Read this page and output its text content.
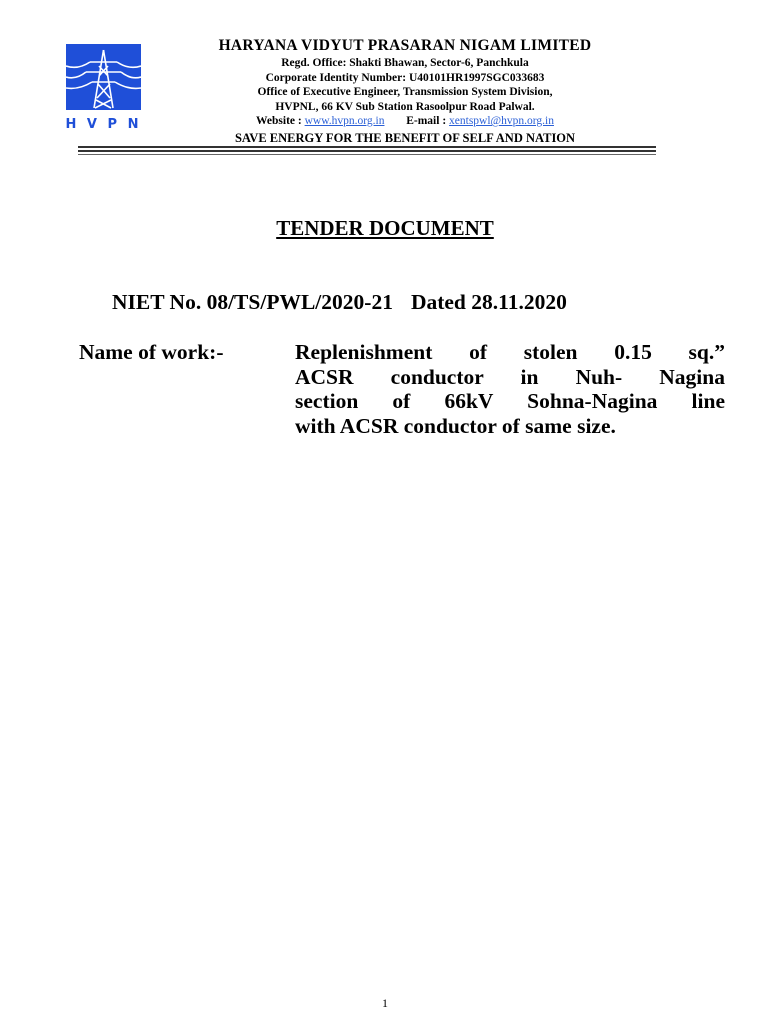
H V P N
HARYANA VIDYUT PRASARAN NIGAM LIMITED
Regd. Office: Shakti Bhawan, Sector-6, Panchkula
Corporate Identity Number: U40101HR1997SGC033683
Office of Executive Engineer, Transmission System Division,
HVPNL, 66 KV Sub Station Rasoolpur Road Palwal.
Website : www.hvpn.org.in E-mail : xentspwl@hvpn.org.in
SAVE ENERGY FOR THE BENEFIT OF SELF AND NATION
TENDER DOCUMENT
NIET No. 08/TS/PWL/2020-21 Dated 28.11.2020
Name of work:-	Replenishment of stolen 0.15 sq.”
ACSR conductor in Nuh- Nagina
section of 66kV Sohna-Nagina line
with ACSR conductor of same size.
1
